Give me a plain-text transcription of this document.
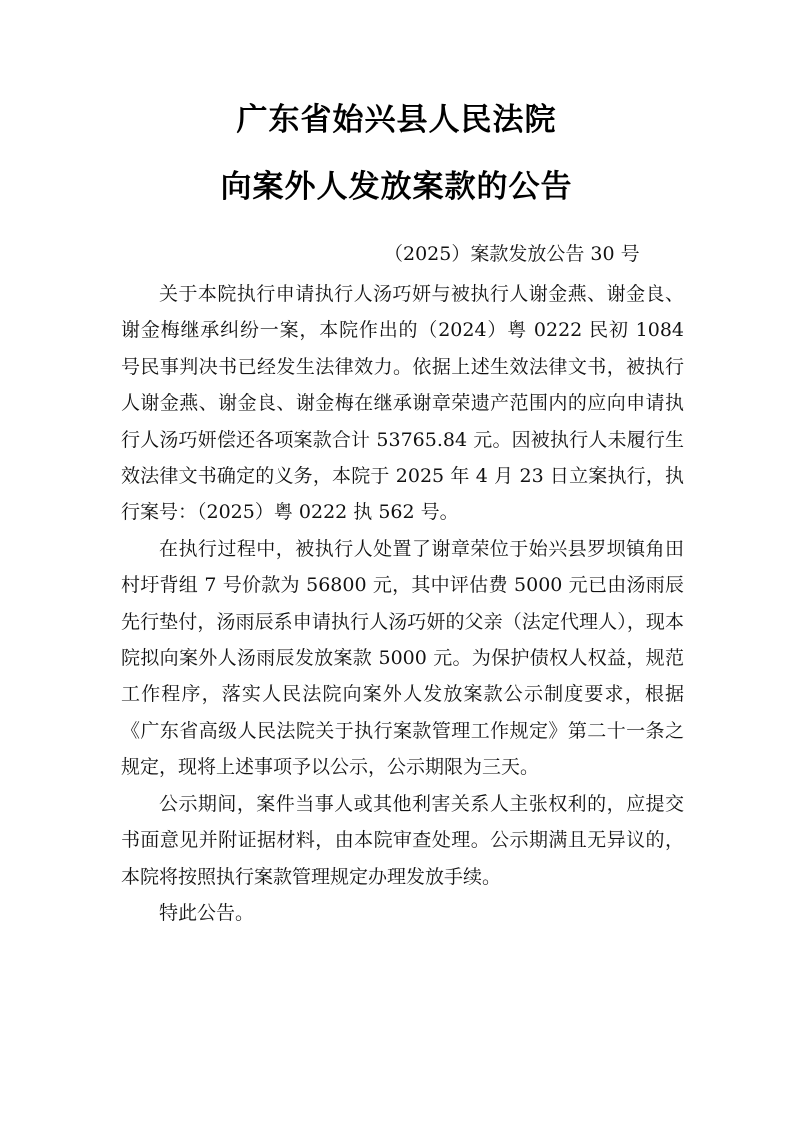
广东省始兴县人民法院
向案外人发放案款的公告
（2025）案款发放公告 30 号

关于本院执行申请执行人汤巧妍与被执行人谢金燕、谢金良、谢金梅继承纠纷一案，本院作出的（2024）粤 0222 民初 1084 号民事判决书已经发生法律效力。依据上述生效法律文书，被执行人谢金燕、谢金良、谢金梅在继承谢章荣遗产范围内的应向申请执行人汤巧妍偿还各项案款合计 53765.84 元。因被执行人未履行生效法律文书确定的义务，本院于 2025 年 4 月 23 日立案执行，执行案号：（2025）粤 0222 执 562 号。

在执行过程中，被执行人处置了谢章荣位于始兴县罗坝镇角田村圩背组 7 号价款为 56800 元，其中评估费 5000 元已由汤雨辰先行垫付，汤雨辰系申请执行人汤巧妍的父亲（法定代理人），现本院拟向案外人汤雨辰发放案款 5000 元。为保护债权人权益，规范工作程序，落实人民法院向案外人发放案款公示制度要求，根据《广东省高级人民法院关于执行案款管理工作规定》第二十一条之规定，现将上述事项予以公示，公示期限为三天。

公示期间，案件当事人或其他利害关系人主张权利的，应提交书面意见并附证据材料，由本院审查处理。公示期满且无异议的，本院将按照执行案款管理规定办理发放手续。

特此公告。
